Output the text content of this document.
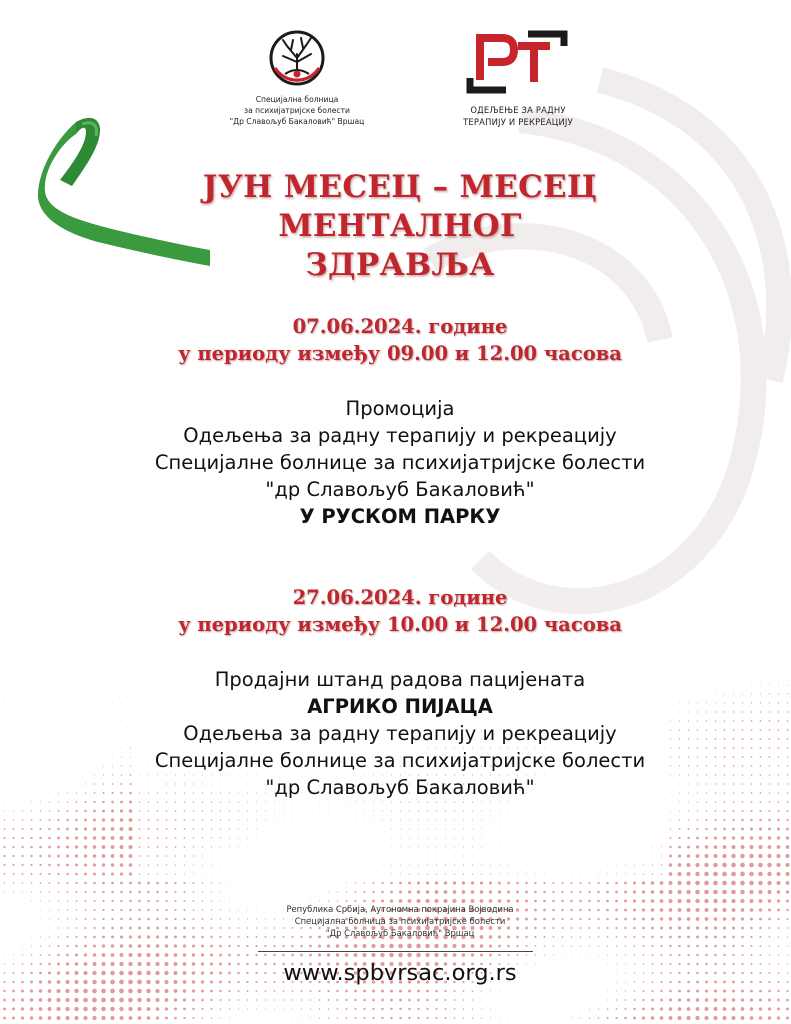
Специјална болница
за психијатријске болести
"Др Славољуб Бакаловић" Вршац
ОДЕЉЕЊЕ ЗА РАДНУ
ТЕРАПИЈУ И РЕКРЕАЦИЈУ
ЈУН МЕСЕЦ – МЕСЕЦ МЕНТАЛНОГ
ЗДРАВЉА
07.06.2024. године
у периоду између 09.00 и 12.00 часова
Промоција
Одељења за радну терапију и рекреацију
Специјалне болнице за психијатријске болести
"др Славољуб Бакаловић"
У РУСКОМ ПАРКУ
27.06.2024. године
у периоду између 10.00 и 12.00 часова
Продајни штанд радова пацијената
АГРИКО ПИЈАЦА
Одељења за радну терапију и рекреацију
Специјалне болнице за психијатријске болести
"др Славољуб Бакаловић"
Република Србија, Аутономна покрајина Војводина
Специјална болница за психијатријске болести
"Др Славољуб Бакаловић" Вршац
www.spbvrsac.org.rs
